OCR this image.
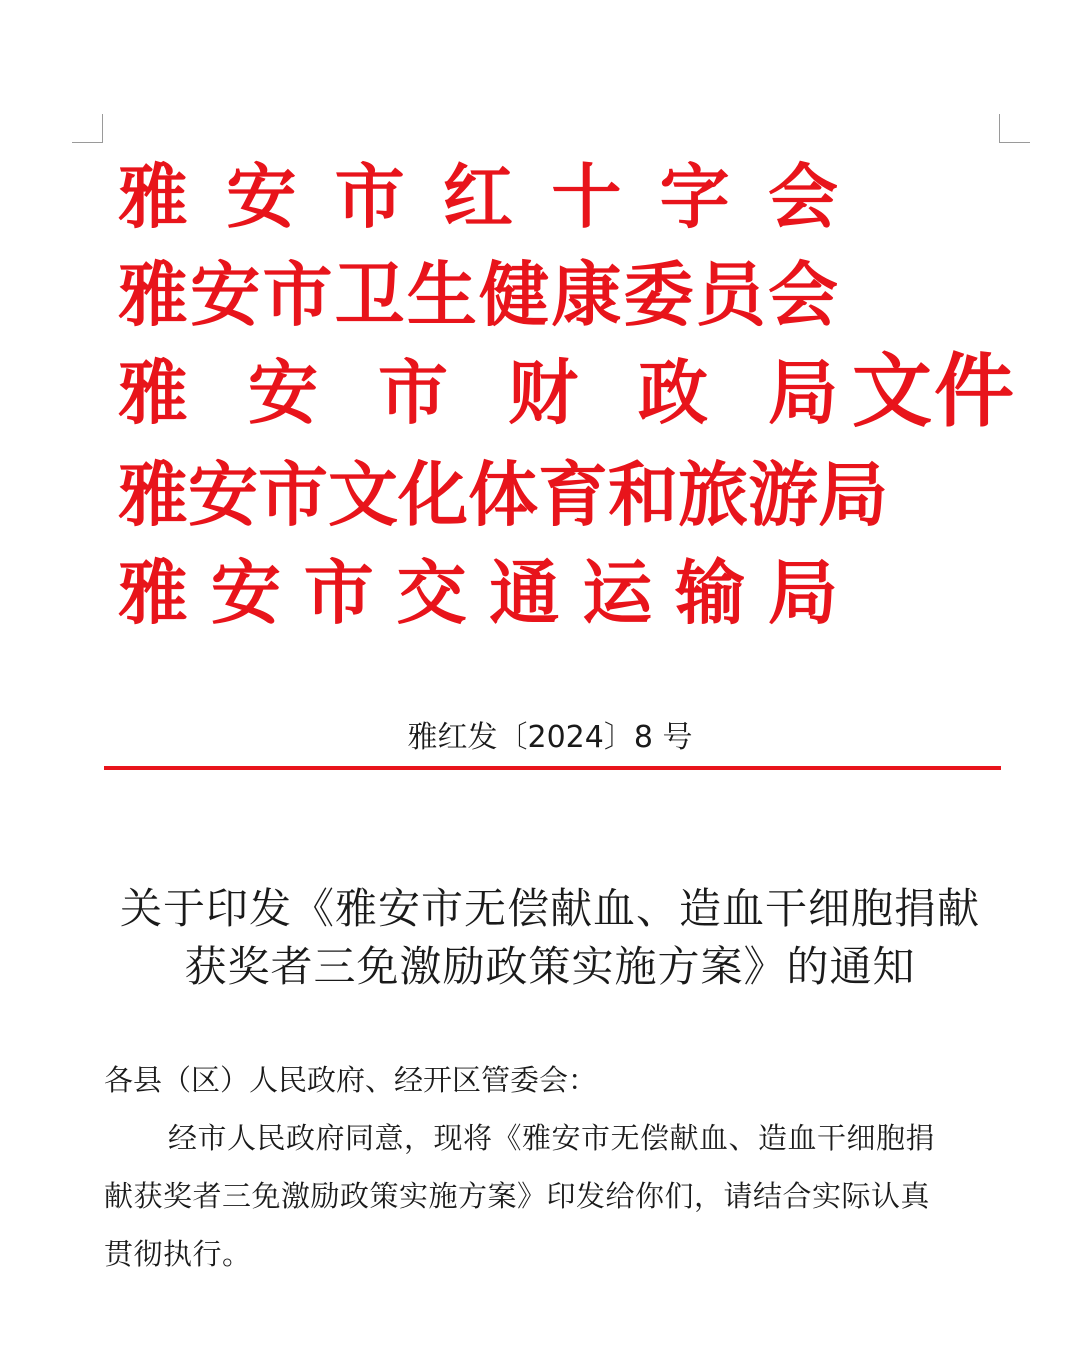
雅 安 市 红 十 字 会
雅 安 市 卫 生 健 康 委 员 会
雅 安 市 财 政 局
雅 安 市 文 化 体 育 和 旅 游 局
雅 安 市 交 通 运 输 局
文件
雅红发〔2024〕8 号
关于印发《雅安市无偿献血、造血干细胞捐献
获奖者三免激励政策实施方案》的通知
各县（区）人民政府、经开区管委会：
经市人民政府同意，现将《雅安市无偿献血、造血干细胞捐
献获奖者三免激励政策实施方案》印发给你们，请结合实际认真
贯彻执行。
